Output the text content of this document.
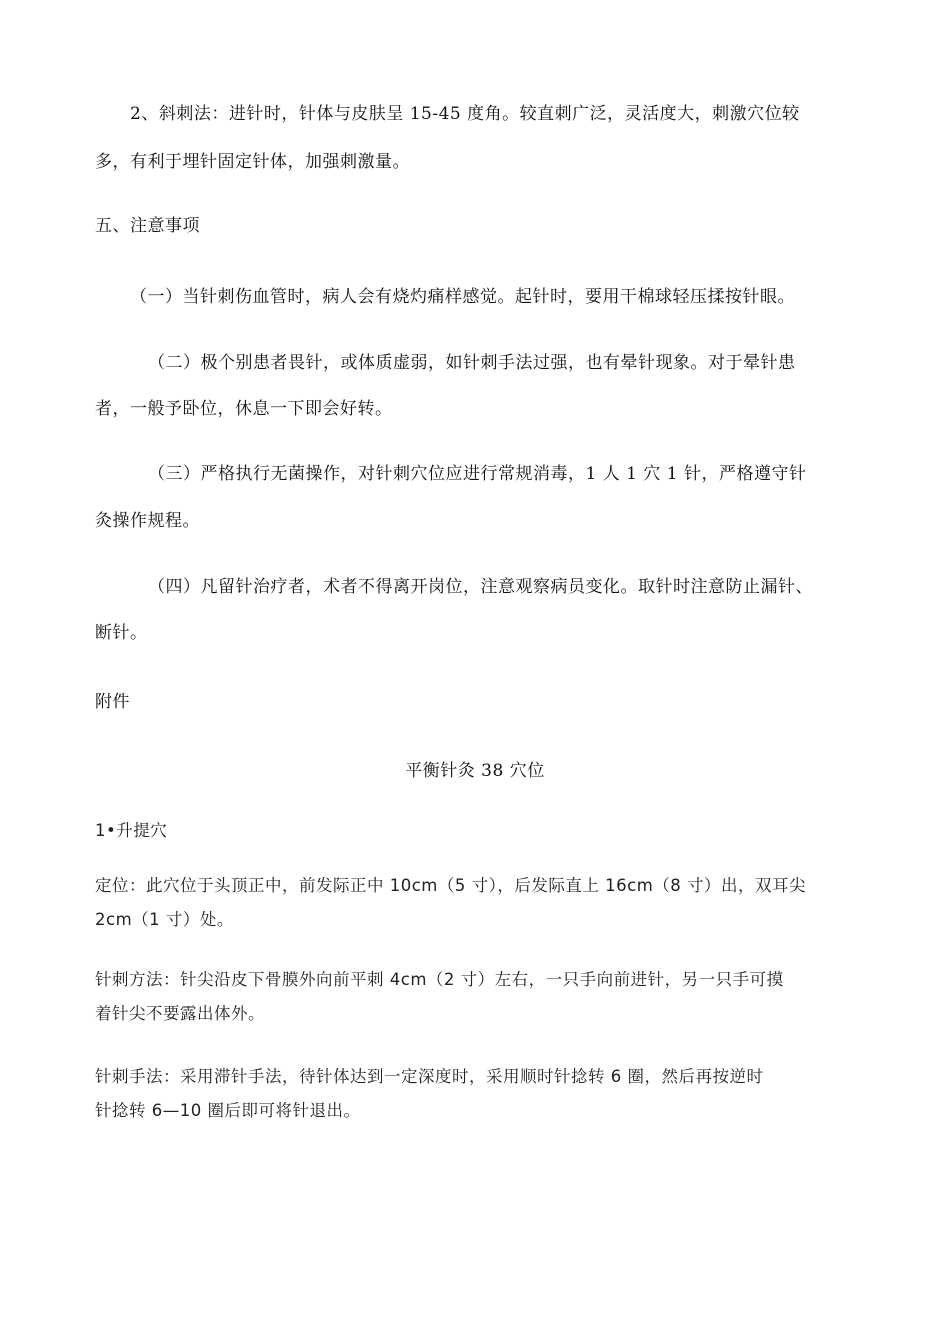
2、斜刺法：进针时，针体与皮肤呈 15-45 度角。较直刺广泛，灵活度大，刺激穴位较
多，有利于埋针固定针体，加强刺激量。
五、注意事项
（一）当针刺伤血管时，病人会有烧灼痛样感觉。起针时，要用干棉球轻压揉按针眼。
（二）极个别患者畏针，或体质虚弱，如针刺手法过强，也有晕针现象。对于晕针患
者，一般予卧位，休息一下即会好转。
（三）严格执行无菌操作，对针刺穴位应进行常规消毒，1 人 1 穴 1 针，严格遵守针
灸操作规程。
（四）凡留针治疗者，术者不得离开岗位，注意观察病员变化。取针时注意防止漏针、
断针。
附件
平衡针灸 38 穴位
1•升提穴
定位：此穴位于头顶正中，前发际正中 10cm（5 寸），后发际直上 16cm（8 寸）出，双耳尖
2cm（1 寸）处。
针刺方法：针尖沿皮下骨膜外向前平刺 4cm（2 寸）左右，一只手向前进针，另一只手可摸
着针尖不要露出体外。
针刺手法：采用滞针手法，待针体达到一定深度时，采用顺时针捻转 6 圈，然后再按逆时
针捻转 6—10 圈后即可将针退出。
